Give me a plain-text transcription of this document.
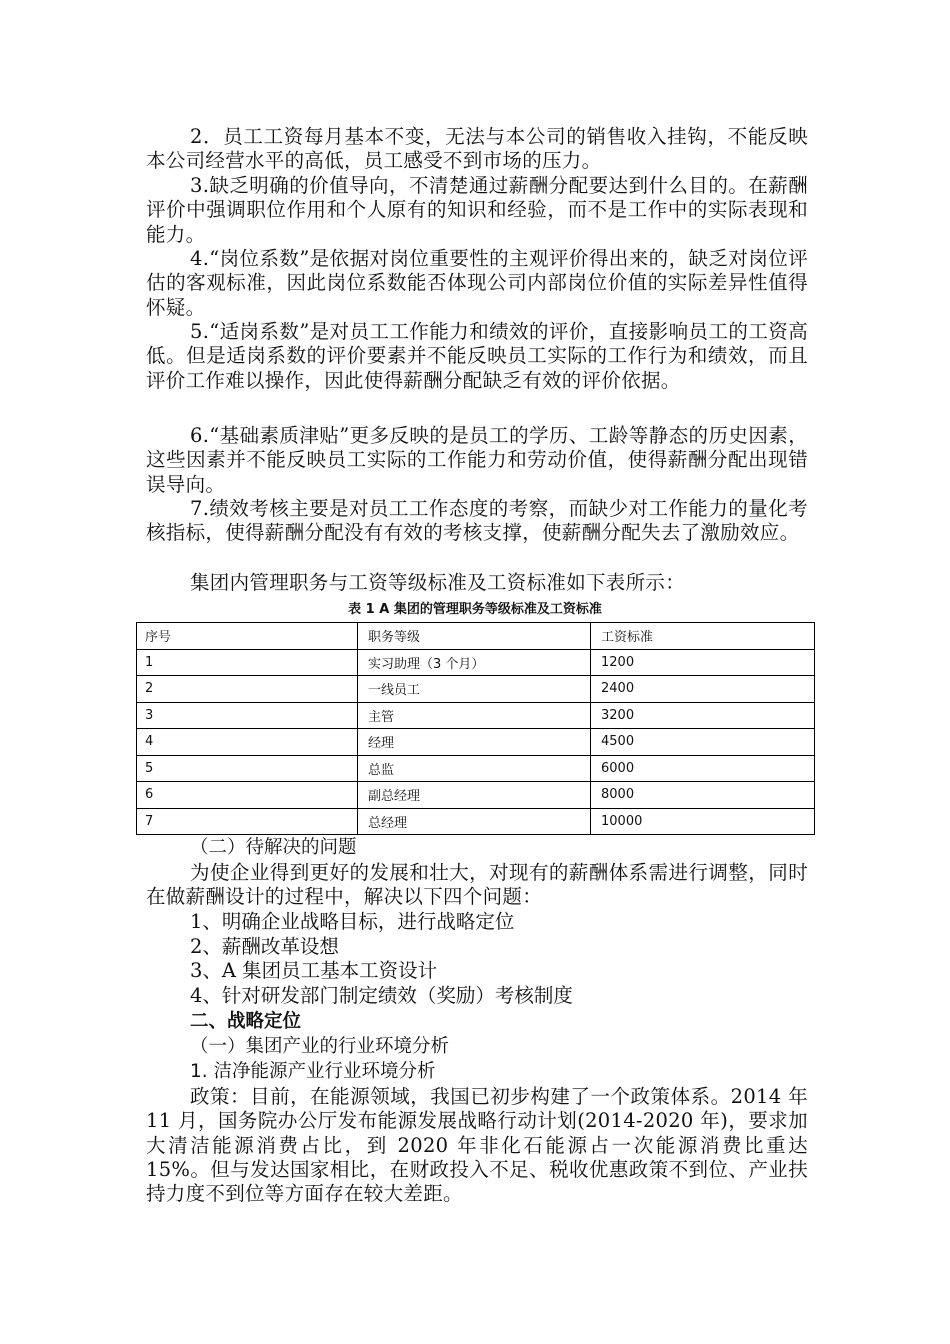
2．员工工资每月基本不变，无法与本公司的销售收入挂钩，不能反映本公司经营水平的高低，员工感受不到市场的压力。

3.缺乏明确的价值导向，不清楚通过薪酬分配要达到什么目的。在薪酬评价中强调职位作用和个人原有的知识和经验，而不是工作中的实际表现和能力。

4.“岗位系数”是依据对岗位重要性的主观评价得出来的，缺乏对岗位评估的客观标准，因此岗位系数能否体现公司内部岗位价值的实际差异性值得怀疑。

5.“适岗系数”是对员工工作能力和绩效的评价，直接影响员工的工资高低。但是适岗系数的评价要素并不能反映员工实际的工作行为和绩效，而且评价工作难以操作，因此使得薪酬分配缺乏有效的评价依据。

6.“基础素质津贴”更多反映的是员工的学历、工龄等静态的历史因素，这些因素并不能反映员工实际的工作能力和劳动价值，使得薪酬分配出现错误导向。

7.绩效考核主要是对员工工作态度的考察，而缺少对工作能力的量化考核指标，使得薪酬分配没有有效的考核支撑，使薪酬分配失去了激励效应。

集团内管理职务与工资等级标准及工资标准如下表所示：

表 1 A 集团的管理职务等级标准及工资标准
序号	职务等级	工资标准
1	实习助理（3 个月）	1200
2	一线员工	2400
3	主管	3200
4	经理	4500
5	总监	6000
6	副总经理	8000
7	总经理	10000
（二）待解决的问题

为使企业得到更好的发展和壮大，对现有的薪酬体系需进行调整，同时在做薪酬设计的过程中，解决以下四个问题：

1、明确企业战略目标，进行战略定位

2、薪酬改革设想

3、A 集团员工基本工资设计

4、针对研发部门制定绩效（奖励）考核制度

二、战略定位
（一）集团产业的行业环境分析
1. 洁净能源产业行业环境分析

政策：目前，在能源领域，我国已初步构建了一个政策体系。2014 年 11 月，国务院办公厅发布能源发展战略行动计划(2014-2020 年)，要求加大清洁能源消费占比，到 2020 年非化石能源占一次能源消费比重达 15%。但与发达国家相比，在财政投入不足、税收优惠政策不到位、产业扶持力度不到位等方面存在较大差距。
